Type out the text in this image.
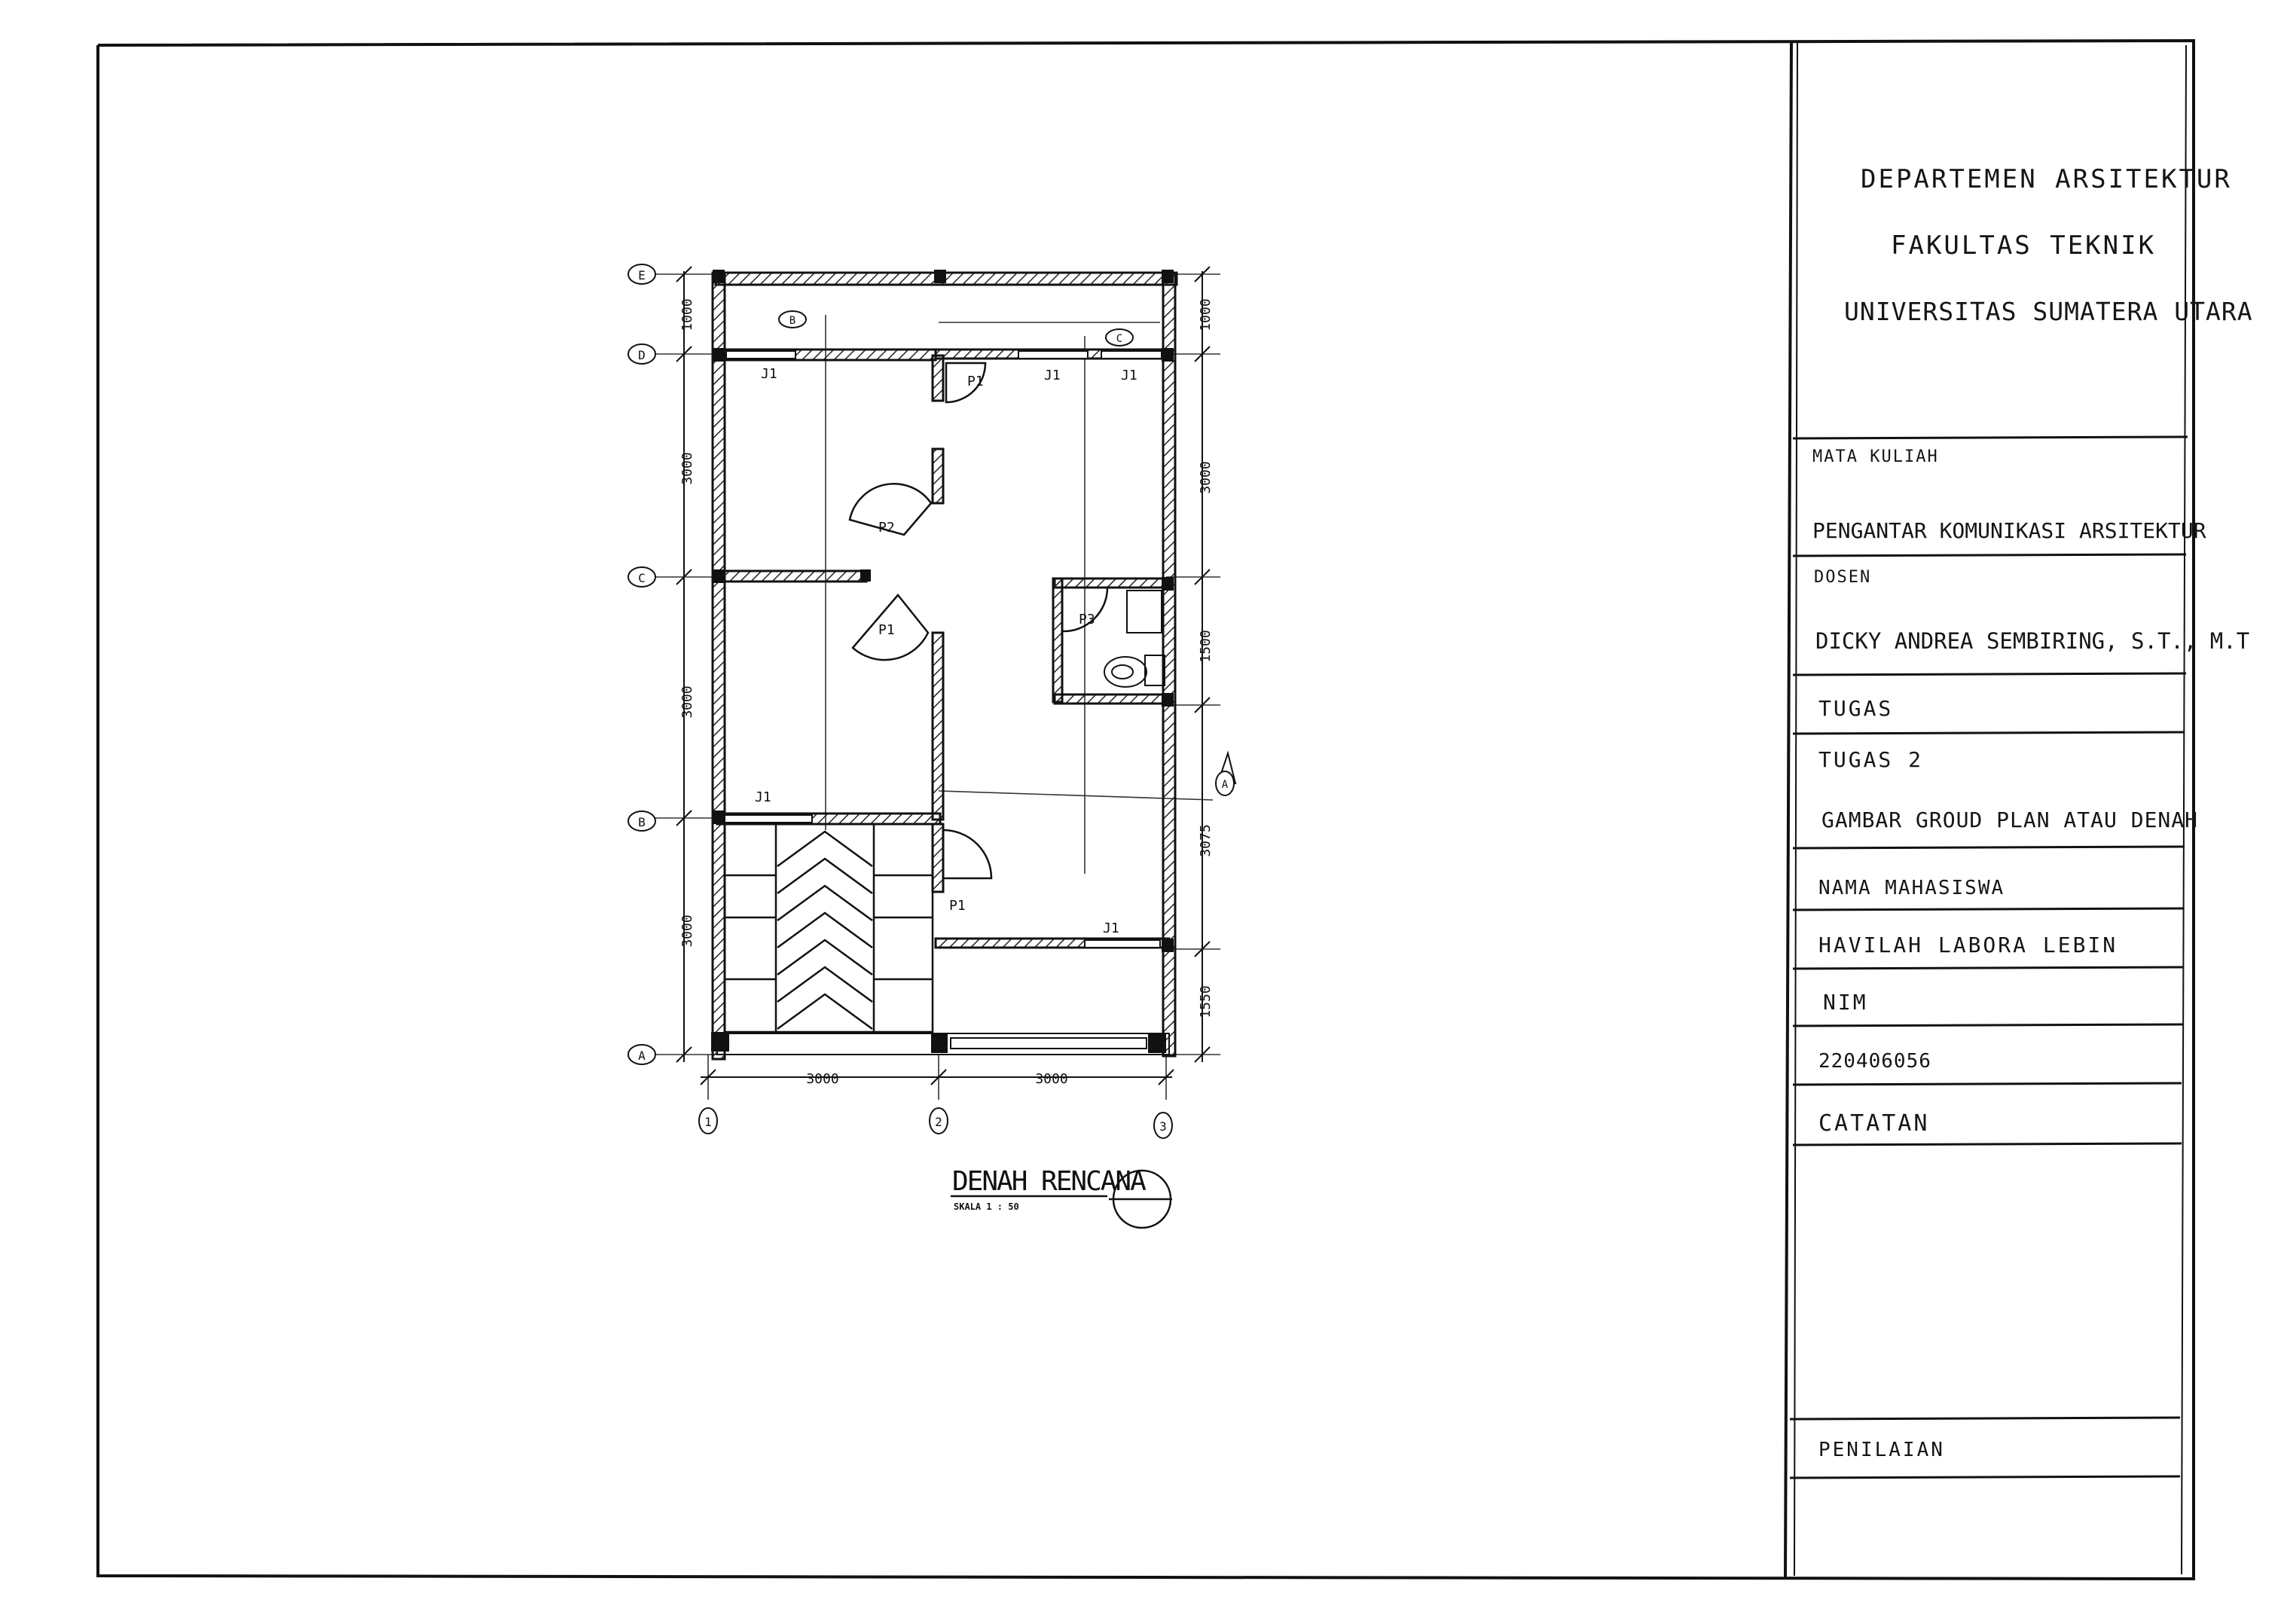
E
D
C
B
A
1	2	3
B
C
A
1000
3000
3000
3000
1000
3000
1500
3075
1550
3000	3000
J1	J1	J1
J1
J1
P1
P2
P1
P3
P1
DENAH RENCANA
SKALA 1 : 50
DEPARTEMEN ARSITEKTUR
FAKULTAS TEKNIK
UNIVERSITAS SUMATERA UTARA
MATA KULIAH
PENGANTAR KOMUNIKASI ARSITEKTUR
DOSEN
DICKY ANDREA SEMBIRING, S.T., M.T
TUGAS
TUGAS 2
GAMBAR GROUD PLAN ATAU DENAH
NAMA MAHASISWA
HAVILAH LABORA LEBIN
NIM
220406056
CATATAN
PENILAIAN
